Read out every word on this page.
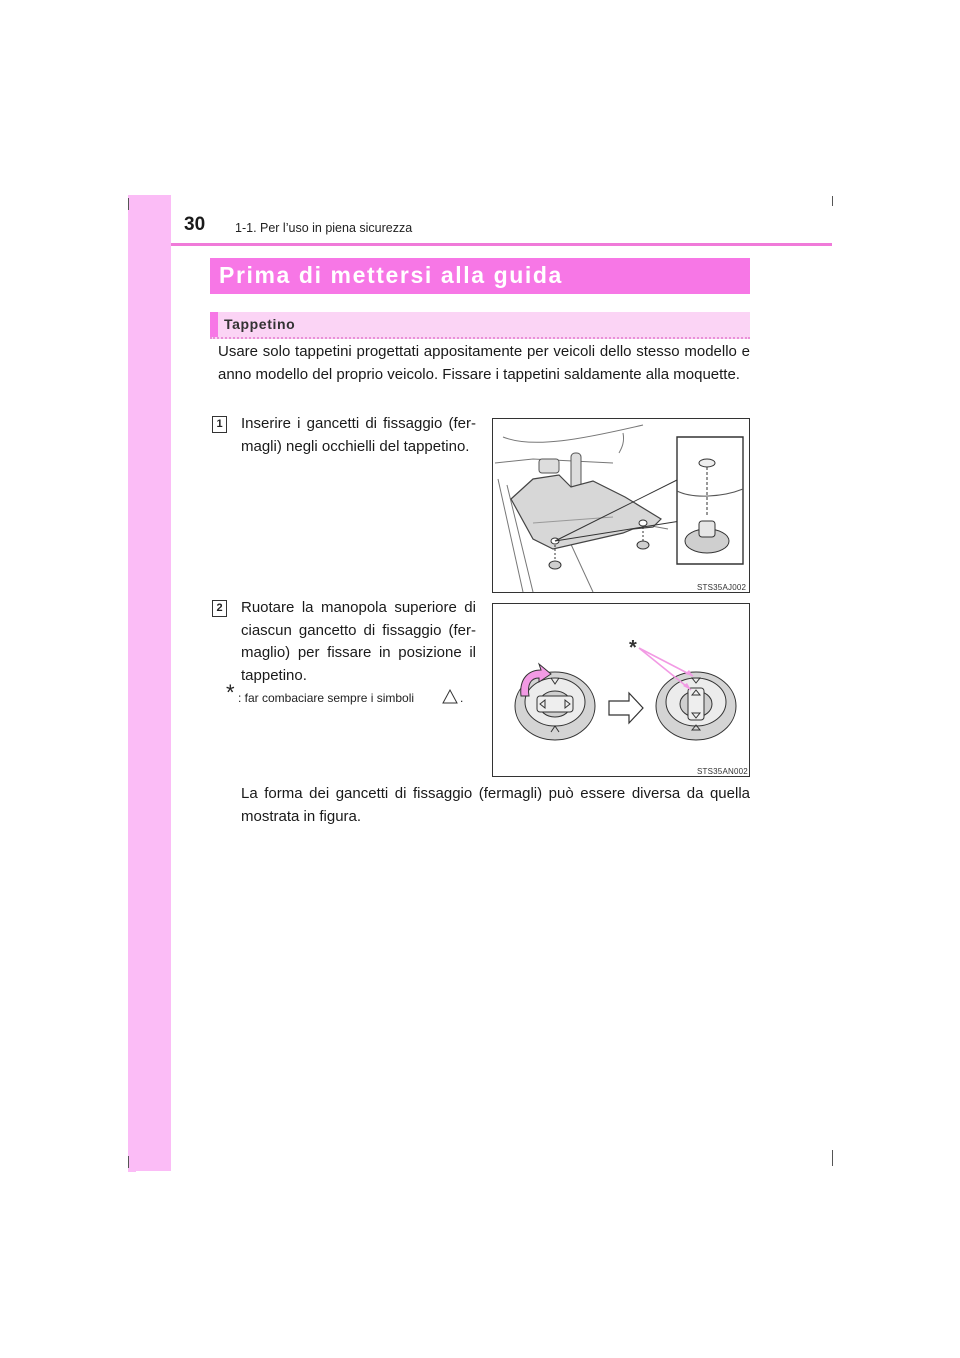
30 1-1. Per l’uso in piena sicurezza
Prima di mettersi alla guida
Tappetino
Usare solo tappetini progettati appositamente per veicoli dello stesso modello e anno modello del proprio veicolo. Fissare i tappetini saldamente alla moquette.
1 Inserire i gancetti di fissaggio (fer-magli) negli occhielli del tappetino.
STS35AJ002
2 Ruotare la manopola superiore di ciascun gancetto di fissaggio (fer-maglio) per fissare in posizione il tappetino.
* : far combaciare sempre i simboli	.
*
STS35AN002
La forma dei gancetti di fissaggio (fermagli) può essere diversa da quella mostrata in figura.
